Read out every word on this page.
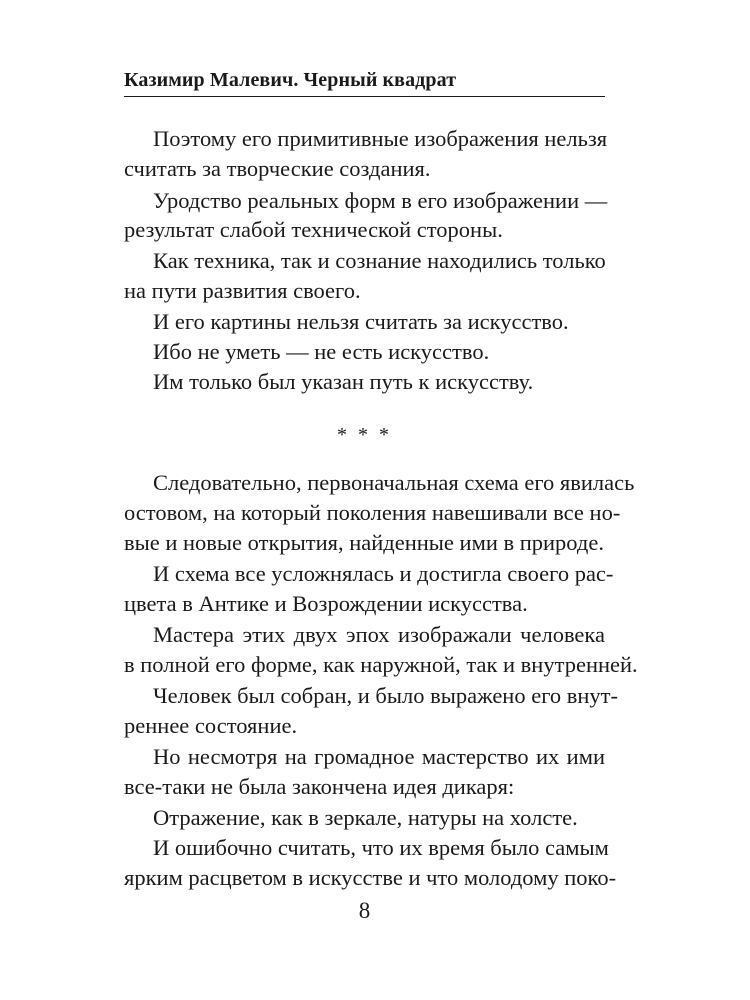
Казимир Малевич. Черный квадрат
Поэтому его примитивные изображения нельзя
считать за творческие создания.
Уродство реальных форм в его изображении —
результат слабой технической стороны.
Как техника, так и сознание находились только
на пути развития своего.
И его картины нельзя считать за искусство.
Ибо не уметь — не есть искусство.
Им только был указан путь к искусству.
* * *
Следовательно, первоначальная схема его явилась
остовом, на который поколения навешивали все но-
вые и новые открытия, найденные ими в природе.
И схема все усложнялась и достигла своего рас-
цвета в Антике и Возрождении искусства.
Мастера этих двух эпох изображали человека
в полной его форме, как наружной, так и внутренней.
Человек был собран, и было выражено его внут-
реннее состояние.
Но несмотря на громадное мастерство их ими
все-таки не была закончена идея дикаря:
Отражение, как в зеркале, натуры на холсте.
И ошибочно считать, что их время было самым
ярким расцветом в искусстве и что молодому поко-
8
